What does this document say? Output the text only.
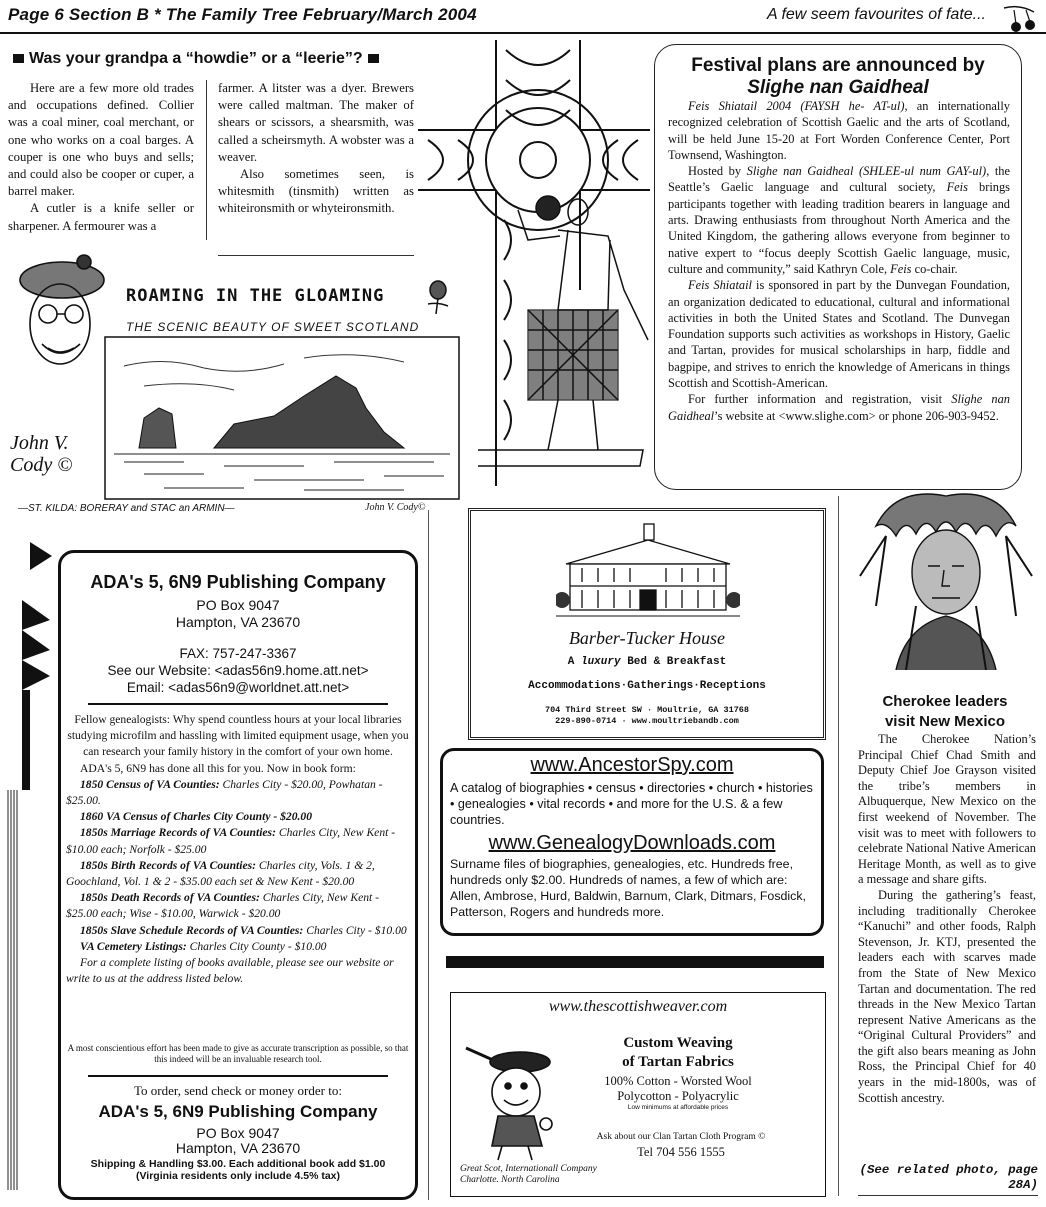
Page 6 Section B * The Family Tree February/March 2004	A few seem favourites of fate...
Was your grandpa a “howdie” or a “leerie”?

Here are a few more old trades and occupations defined. Collier was a coal miner, coal merchant, or one who works on a coal barges. A couper is one who buys and sells; and could also be cooper or cuper, a barrel maker.

A cutler is a knife seller or sharpener. A fermourer was a

farmer. A litster was a dyer. Brewers were called maltman. The maker of shears or scissors, a shearsmith, was called a scheirsmyth. A wobster was a weaver.

Also sometimes seen, is whitesmith (tinsmith) written as whiteironsmith or whyteironsmith.

ROAMING IN THE GLOAMING
THE SCENIC BEAUTY OF SWEET SCOTLAND
John V. Cody ©
—ST. KILDA: BORERAY and STAC an ARMIN—	John V. Cody©
Festival plans are announced by
Slighe nan Gaidheal

Feis Shiatail 2004 (FAYSH he- AT-ul), an internationally recognized celebration of Scottish Gaelic and the arts of Scotland, will be held June 15-20 at Fort Worden Conference Center, Port Townsend, Washington.

Hosted by Slighe nan Gaidheal (SHLEE-ul num GAY-ul), the Seattle’s Gaelic language and cultural society, Feis brings participants together with leading tradition bearers in language and arts. Drawing enthusiasts from throughout North America and the United Kingdom, the gathering allows everyone from beginner to native expert to “focus deeply Scottish Gaelic language, music, culture and community,” said Kathryn Cole, Feis co-chair.

Feis Shiatail is sponsored in part by the Dunvegan Foundation, an organization dedicated to educational, cultural and informational activities in both the United States and Scotland. The Dunvegan Foundation supports such activities as workshops in History, Gaelic and Tartan, provides for musical scholarships in harp, fiddle and bagpipe, and strives to enrich the knowledge of Americans in things Scottish and Scottish-American.

For further information and registration, visit Slighe nan Gaidheal’s website at <www.slighe.com> or phone 206-903-9452.

ADA's 5, 6N9 Publishing Company
PO Box 9047
Hampton, VA 23670
FAX: 757-247-3367
See our Website: <adas56n9.home.att.net>
Email: <adas56n9@worldnet.att.net>

Fellow genealogists: Why spend countless hours at your local libraries studying microfilm and hassling with limited equipment usage, when you can research your family history in the comfort of your own home.

ADA's 5, 6N9 has done all this for you. Now in book form:

1850 Census of VA Counties: Charles City - $20.00, Powhatan - $25.00.

1860 VA Census of Charles City County - $20.00

1850s Marriage Records of VA Counties: Charles City, New Kent - $10.00 each; Norfolk - $25.00

1850s Birth Records of VA Counties: Charles city, Vols. 1 & 2, Goochland, Vol. 1 & 2 - $35.00 each set & New Kent - $20.00

1850s Death Records of VA Counties: Charles City, New Kent - $25.00 each; Wise - $10.00, Warwick - $20.00

1850s Slave Schedule Records of VA Counties: Charles City - $10.00

VA Cemetery Listings: Charles City County - $10.00

For a complete listing of books available, please see our website or write to us at the address listed below.

A most conscientious effort has been made to give as accurate transcription as possible, so that this indeed will be an invaluable research tool.
To order, send check or money order to:
ADA's 5, 6N9 Publishing Company
PO Box 9047
Hampton, VA 23670
Shipping & Handling $3.00. Each additional book add $1.00
(Virginia residents only include 4.5% tax)
Barber-Tucker House
A luxury Bed & Breakfast
Accommodations·Gatherings·Receptions
704 Third Street SW · Moultrie, GA 31768
229-890-0714 · www.moultriebandb.com
www.AncestorSpy.com
A catalog of biographies • census • directories • church • histories • genealogies • vital records • and more for the U.S. & a few countries.
www.GenealogyDownloads.com
Surname files of biographies, genealogies, etc. Hundreds free, hundreds only $2.00. Hundreds of names, a few of which are: Allen, Ambrose, Hurd, Baldwin, Barnum, Clark, Ditmars, Fosdick, Patterson, Rogers and hundreds more.
www.thescottishweaver.com
Custom Weaving
of Tartan Fabrics
100% Cotton - Worsted Wool
Polycotton - Polyacrylic
Low minimums at affordable prices
Ask about our Clan Tartan Cloth Program ©
Tel 704 556 1555
Great Scot, Internationall Company
Charlotte. North Carolina
Cherokee leaders
visit New Mexico

The Cherokee Nation’s Principal Chief Chad Smith and Deputy Chief Joe Grayson visited the tribe’s members in Albuquerque, New Mexico on the first weekend of November. The visit was to meet with followers to celebrate National Native American Heritage Month, as well as to give a message and share gifts.

During the gathering’s feast, including traditionally Cherokee “Kanuchi” and other foods, Ralph Stevenson, Jr. KTJ, presented the leaders each with scarves made from the State of New Mexico Tartan and documentation. The red threads in the New Mexico Tartan represent Native Americans as the “Original Cultural Providers” and the gift also bears meaning as John Ross, the Principal Chief for 40 years in the mid-1800s, was of Scottish ancestry.

(See related photo, page 28A)
